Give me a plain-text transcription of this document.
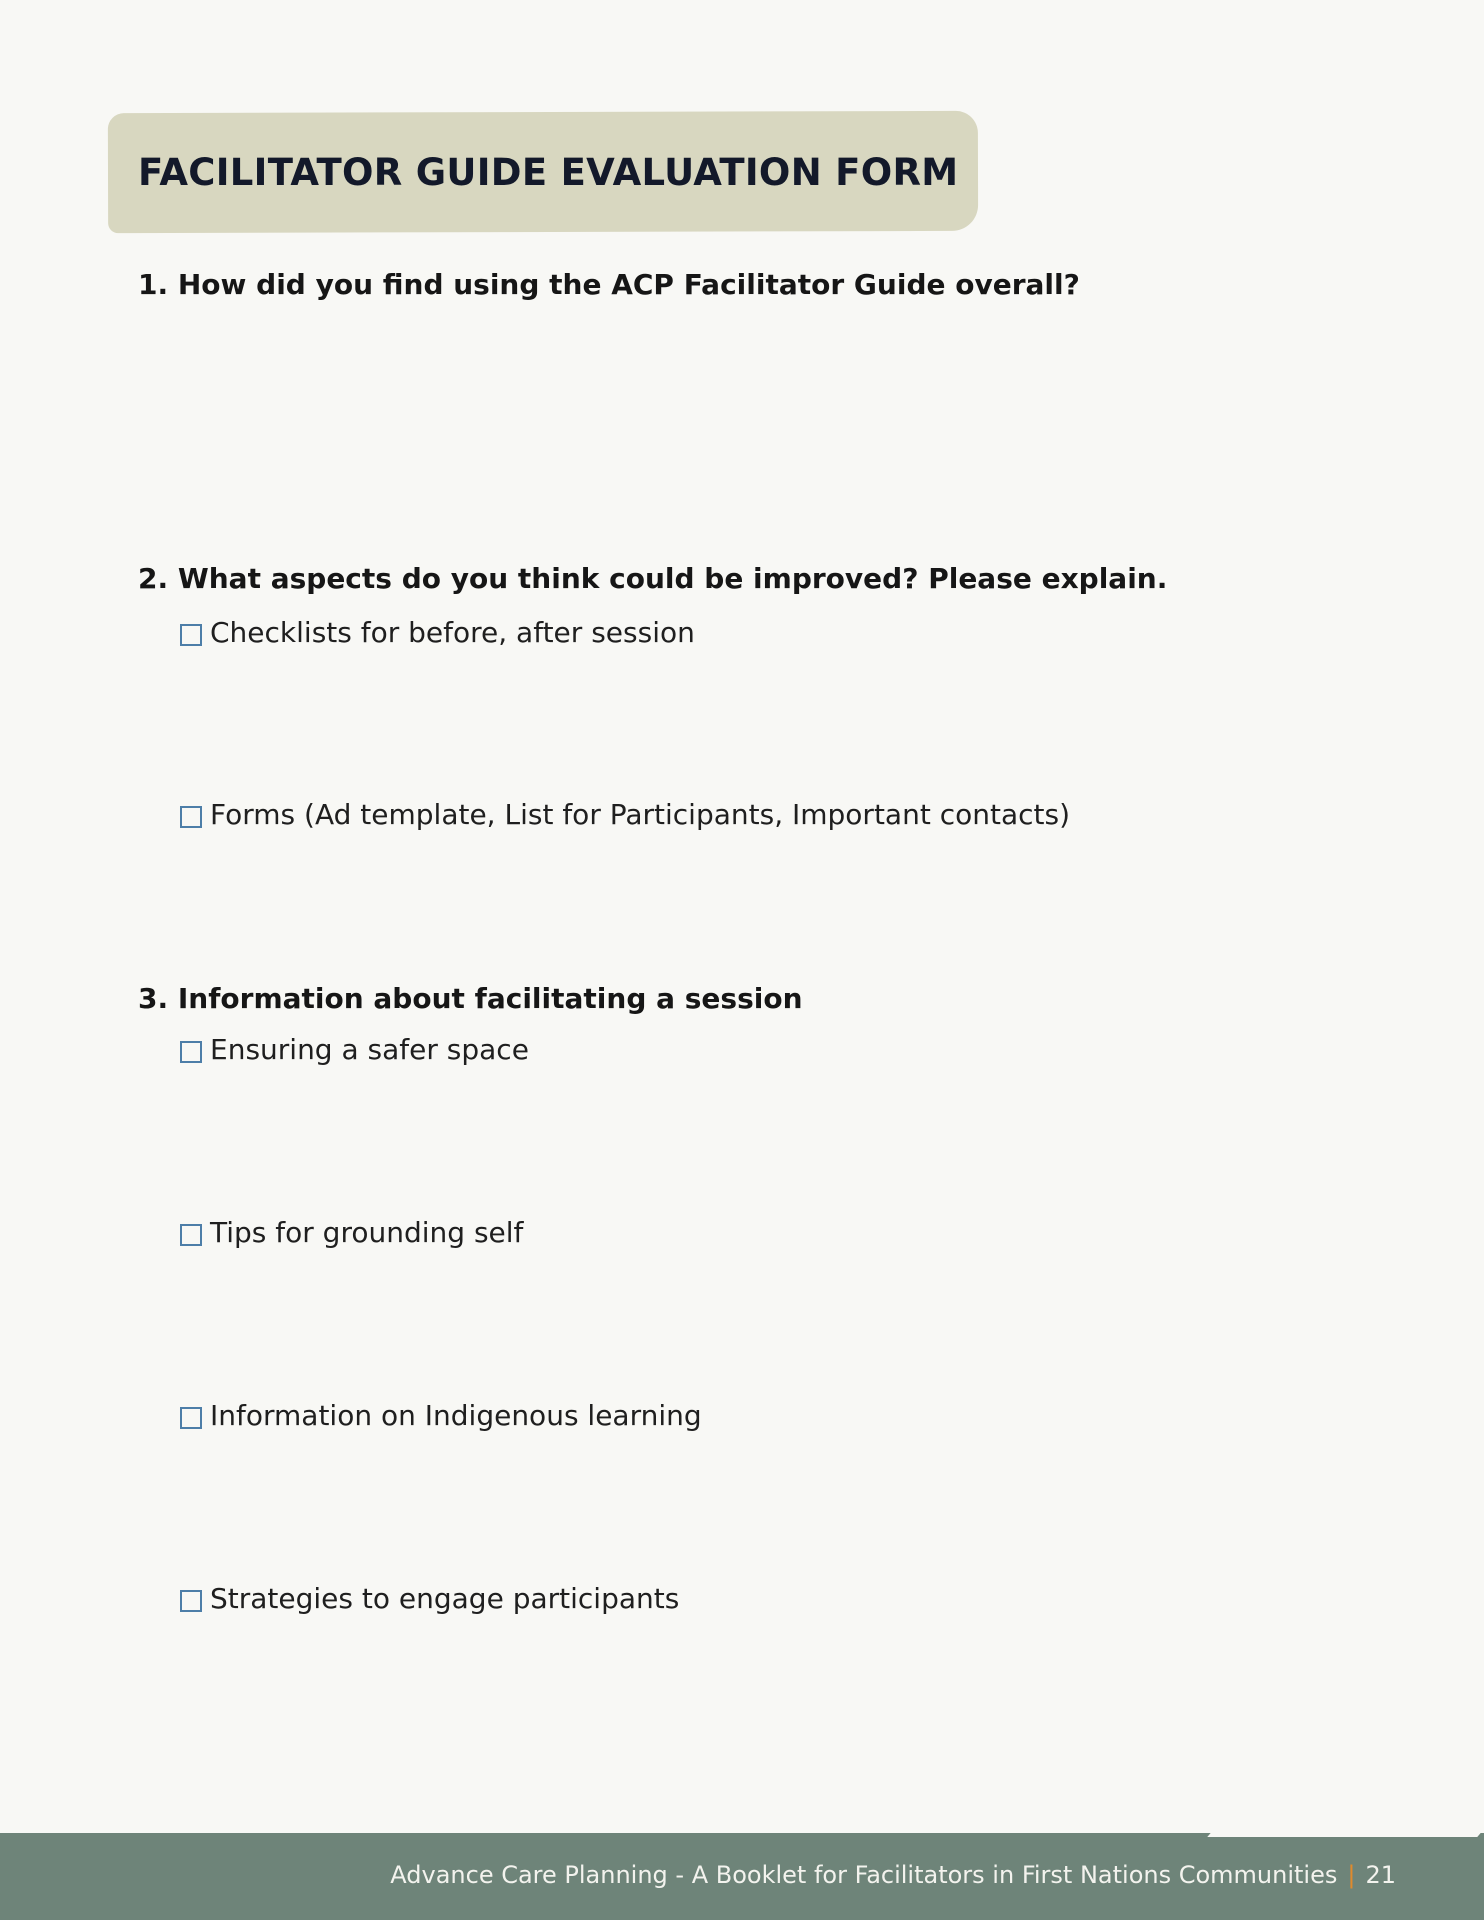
FACILITATOR GUIDE EVALUATION FORM
1. How did you find using the ACP Facilitator Guide overall?
2. What aspects do you think could be improved? Please explain.
Checklists for before, after session
Forms (Ad template, List for Participants, Important contacts)
3. Information about facilitating a session
Ensuring a safer space
Tips for grounding self
Information on Indigenous learning
Strategies to engage participants
Advance Care Planning - A Booklet for Facilitators in First Nations Communities | 21
